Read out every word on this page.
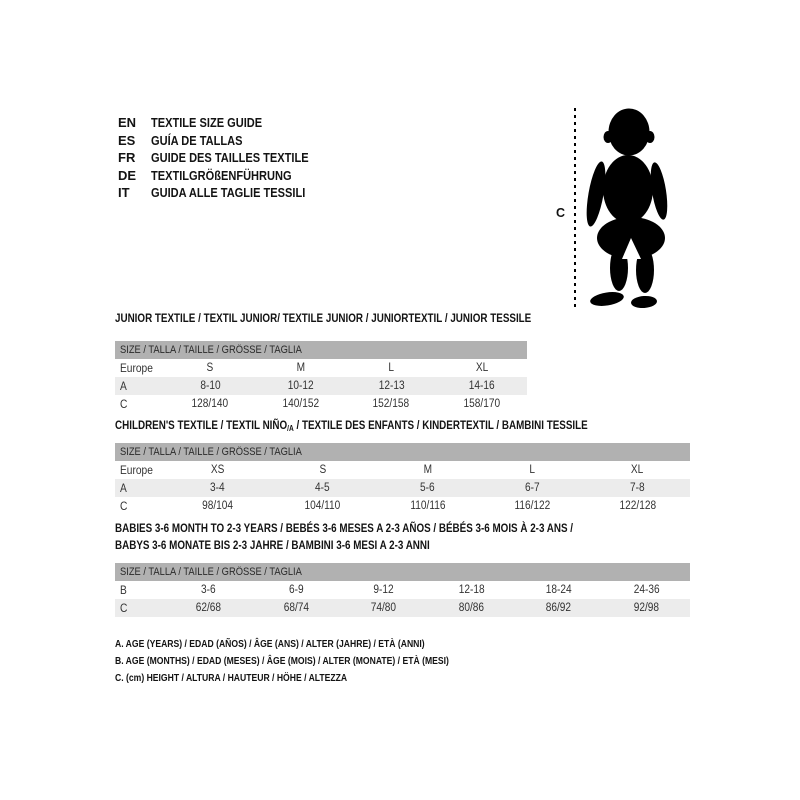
EN	TEXTILE SIZE GUIDE
ES	GUÍA DE TALLAS
FR	GUIDE DES TAILLES TEXTILE
DE	TEXTILGRÖßENFÜHRUNG
IT	GUIDA ALLE TAGLIE TESSILI
C
JUNIOR TEXTILE / TEXTIL JUNIOR/ TEXTILE JUNIOR / JUNIORTEXTIL / JUNIOR TESSILE
SIZE / TALLA / TAILLE / GRÖSSE / TAGLIA
Europe	S	M	L	XL
A	8-10	10-12	12-13	14-16
C	128/140	140/152	152/158	158/170
CHILDREN'S TEXTILE / TEXTIL NIÑO/A / TEXTILE DES ENFANTS / KINDERTEXTIL / BAMBINI TESSILE
SIZE / TALLA / TAILLE / GRÖSSE / TAGLIA
Europe	XS	S	M	L	XL
A	3-4	4-5	5-6	6-7	7-8
C	98/104	104/110	110/116	116/122	122/128
BABIES 3-6 MONTH TO 2-3 YEARS / BEBÉS 3-6 MESES A 2-3 AÑOS / BÉBÉS 3-6 MOIS À 2-3 ANS /
BABYS 3-6 MONATE BIS 2-3 JAHRE / BAMBINI 3-6 MESI A 2-3 ANNI
SIZE / TALLA / TAILLE / GRÖSSE / TAGLIA
B	3-6	6-9	9-12	12-18	18-24	24-36
C	62/68	68/74	74/80	80/86	86/92	92/98
A. AGE (YEARS) / EDAD (AÑOS) / ÂGE (ANS) / ALTER (JAHRE) / ETÀ (ANNI)
B. AGE (MONTHS) / EDAD (MESES) / ÂGE (MOIS) / ALTER (MONATE) / ETÀ (MESI)
C. (cm) HEIGHT / ALTURA / HAUTEUR / HÖHE / ALTEZZA
